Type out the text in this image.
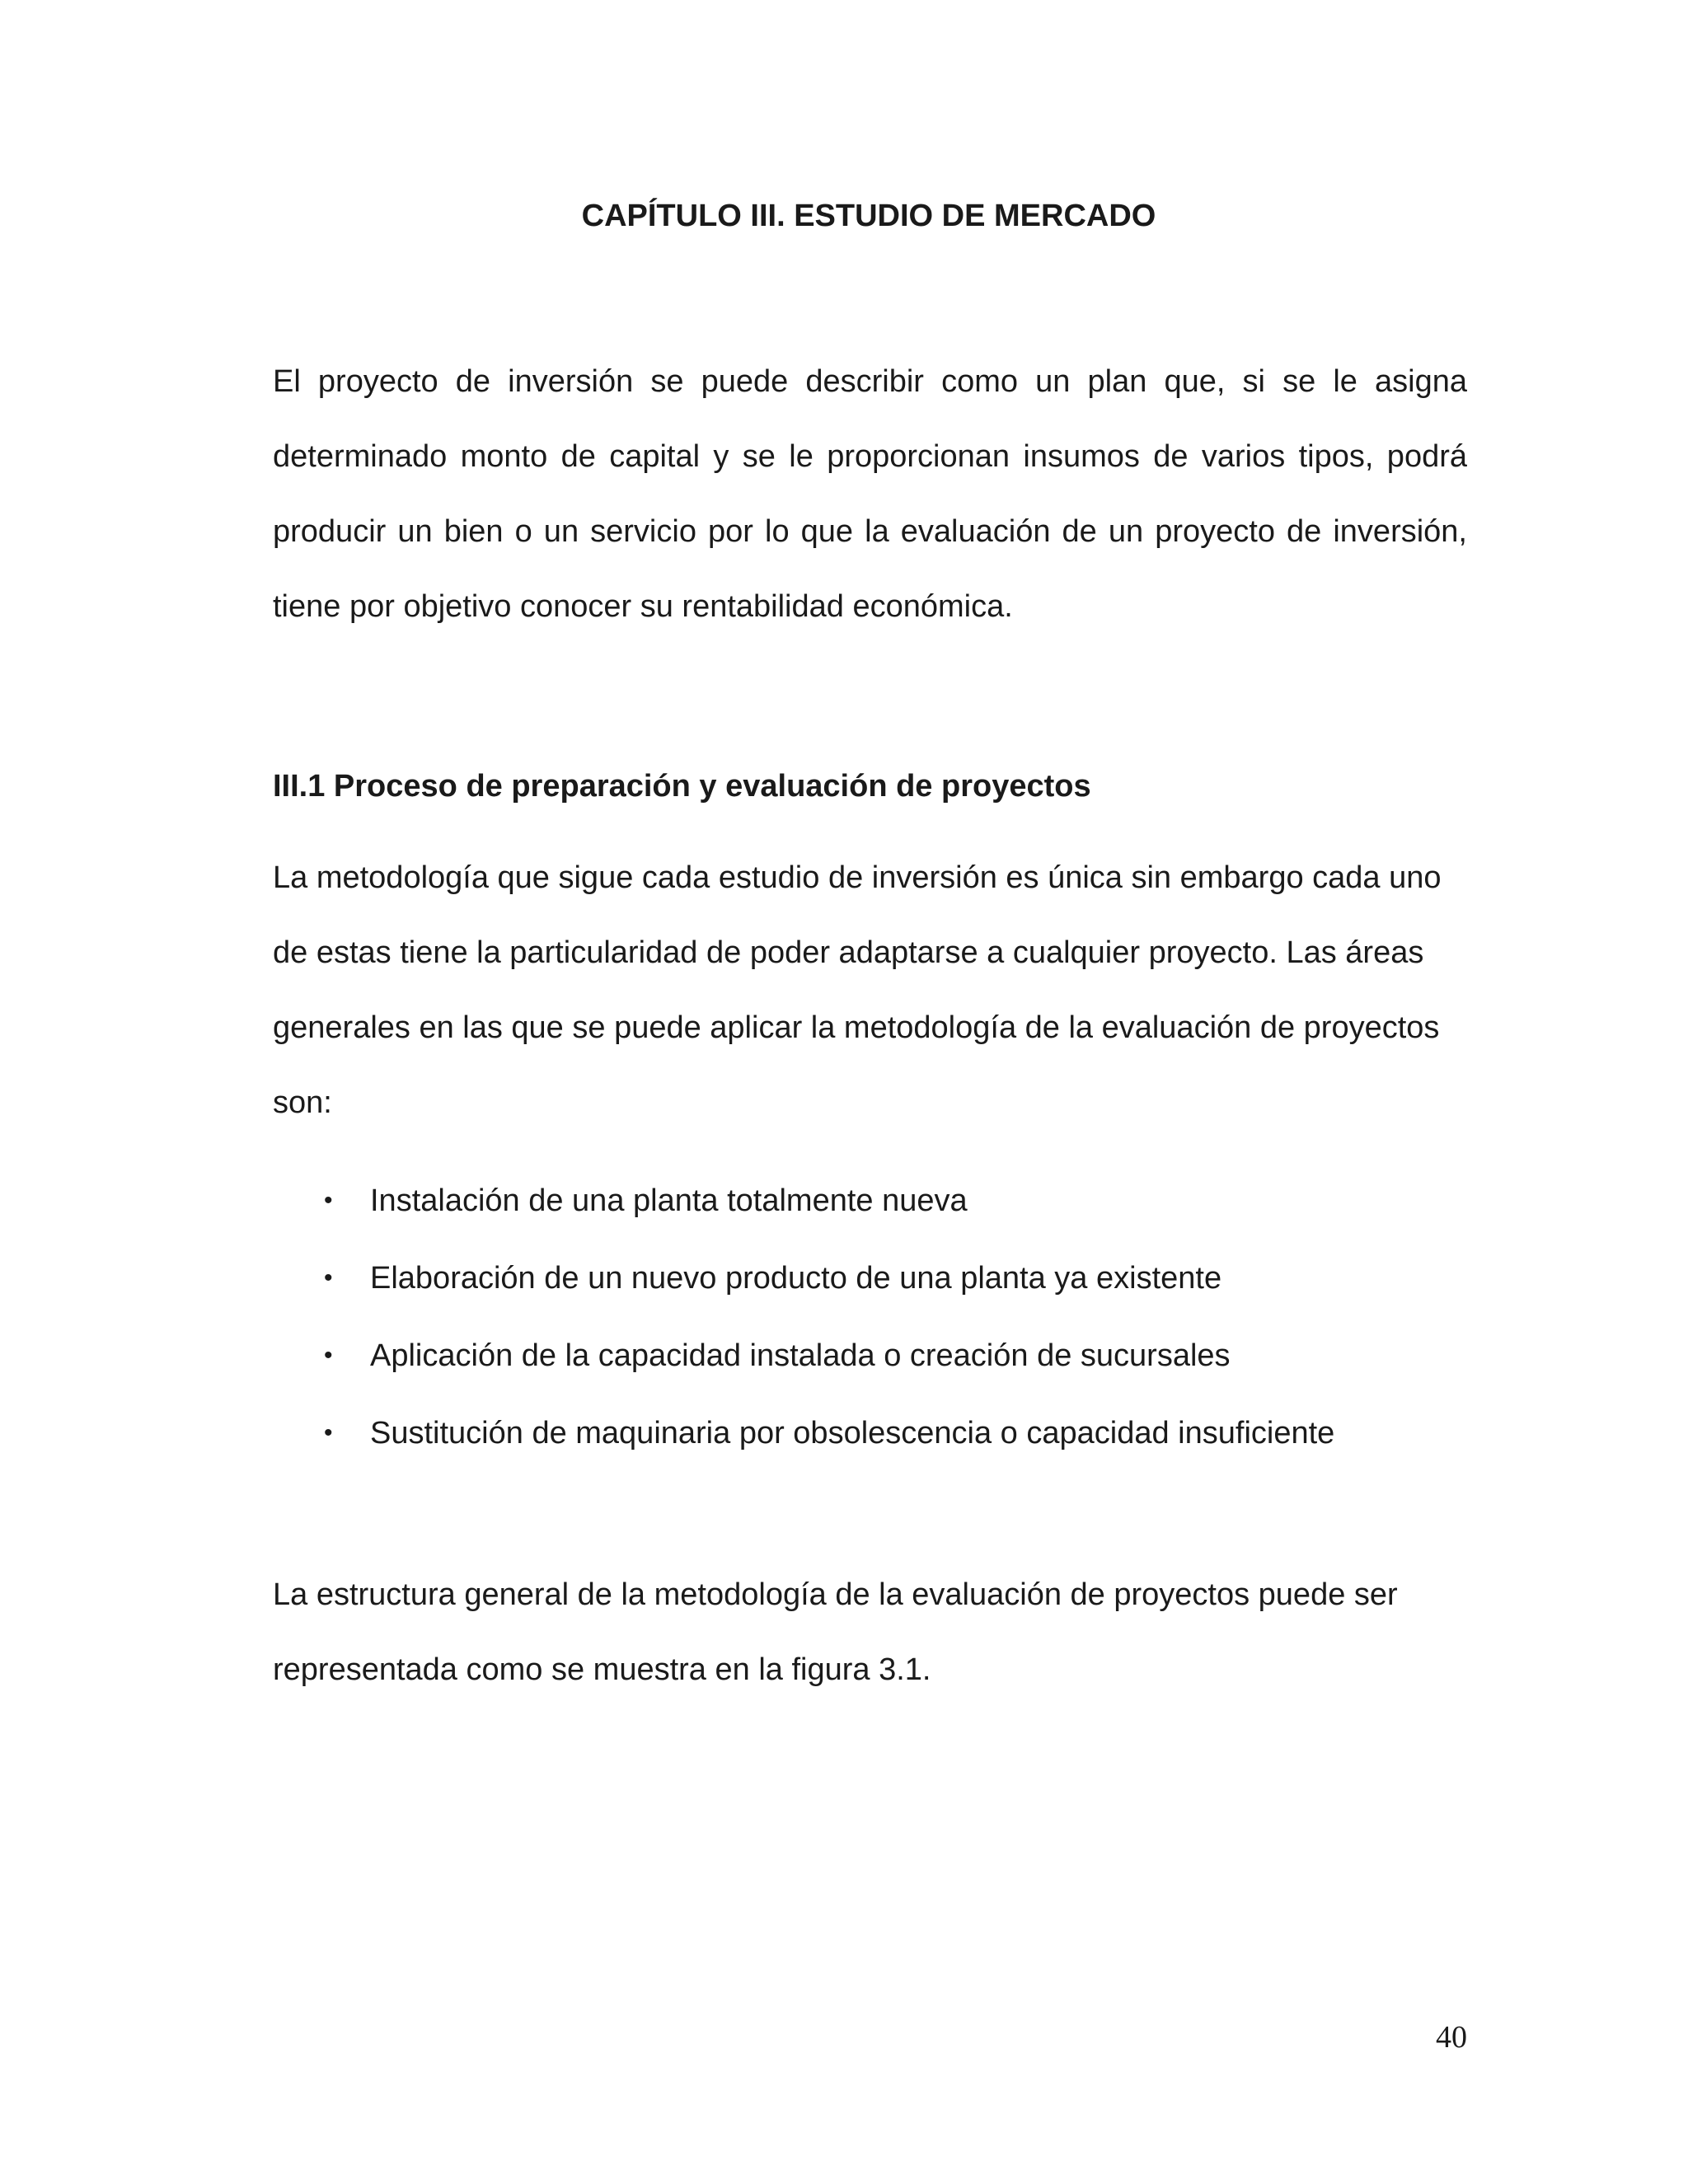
CAPÍTULO III. ESTUDIO DE MERCADO

El proyecto de inversión se puede describir como un plan que, si se le asigna determinado monto de capital y se le proporcionan insumos de varios tipos, podrá producir un bien o un servicio por lo que la evaluación de un proyecto de inversión, tiene por objetivo conocer su rentabilidad económica.

III.1 Proceso de preparación y evaluación de proyectos

La metodología que sigue cada estudio de inversión es única sin embargo cada uno de estas tiene la particularidad de poder adaptarse a cualquier proyecto. Las áreas generales en las que se puede aplicar la metodología de la evaluación de proyectos son:

• Instalación de una planta totalmente nueva
• Elaboración de un nuevo producto de una planta ya existente
• Aplicación de la capacidad instalada o creación de sucursales
• Sustitución de maquinaria por obsolescencia o capacidad insuficiente

La estructura general de la metodología de la evaluación de proyectos puede ser representada como se muestra en la figura 3.1.

40
